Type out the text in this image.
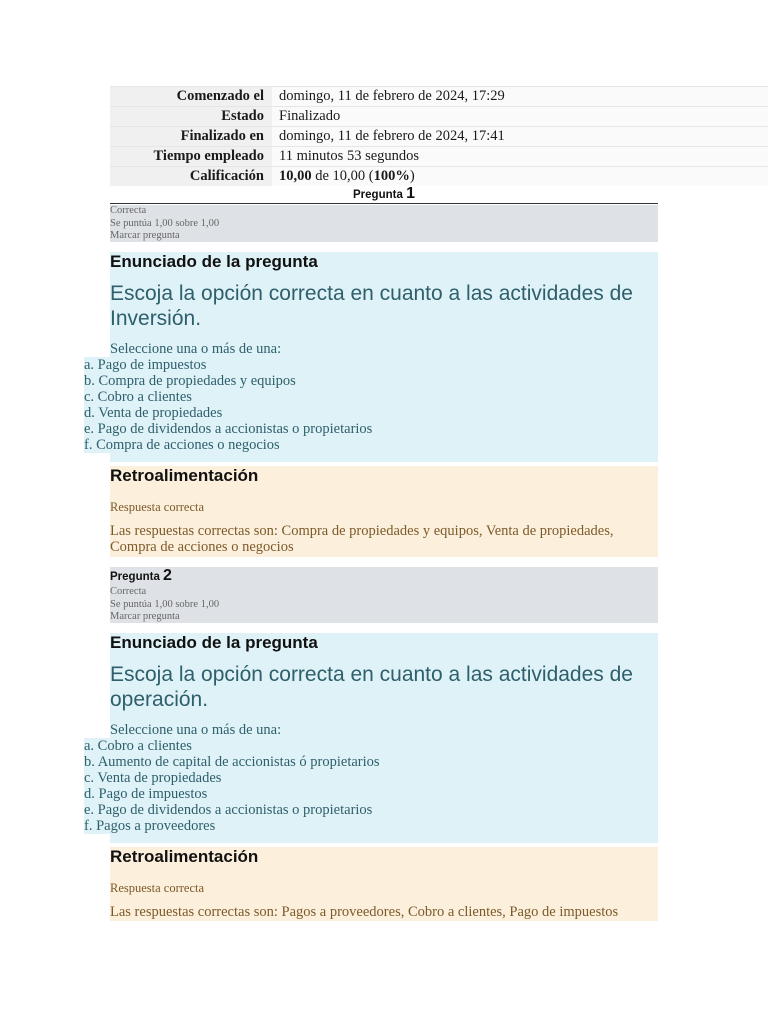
Comenzado el	domingo, 11 de febrero de 2024, 17:29
Estado	Finalizado
Finalizado en	domingo, 11 de febrero de 2024, 17:41
Tiempo empleado	11 minutos 53 segundos
Calificación	10,00 de 10,00 (100%)
Pregunta 1
Correcta
Se puntúa 1,00 sobre 1,00
Marcar pregunta
Enunciado de la pregunta
Escoja la opción correcta en cuanto a las actividades de Inversión.
Seleccione una o más de una:
a. Pago de impuestos
b. Compra de propiedades y equipos
c. Cobro a clientes
d. Venta de propiedades
e. Pago de dividendos a accionistas o propietarios
f. Compra de acciones o negocios
Retroalimentación
Respuesta correcta
Las respuestas correctas son: Compra de propiedades y equipos, Venta de propiedades, Compra de acciones o negocios
Pregunta 2
Correcta
Se puntúa 1,00 sobre 1,00
Marcar pregunta
Enunciado de la pregunta
Escoja la opción correcta en cuanto a las actividades de operación.
Seleccione una o más de una:
a. Cobro a clientes
b. Aumento de capital de accionistas ó propietarios
c. Venta de propiedades
d. Pago de impuestos
e. Pago de dividendos a accionistas o propietarios
f. Pagos a proveedores
Retroalimentación
Respuesta correcta
Las respuestas correctas son: Pagos a proveedores, Cobro a clientes, Pago de impuestos
